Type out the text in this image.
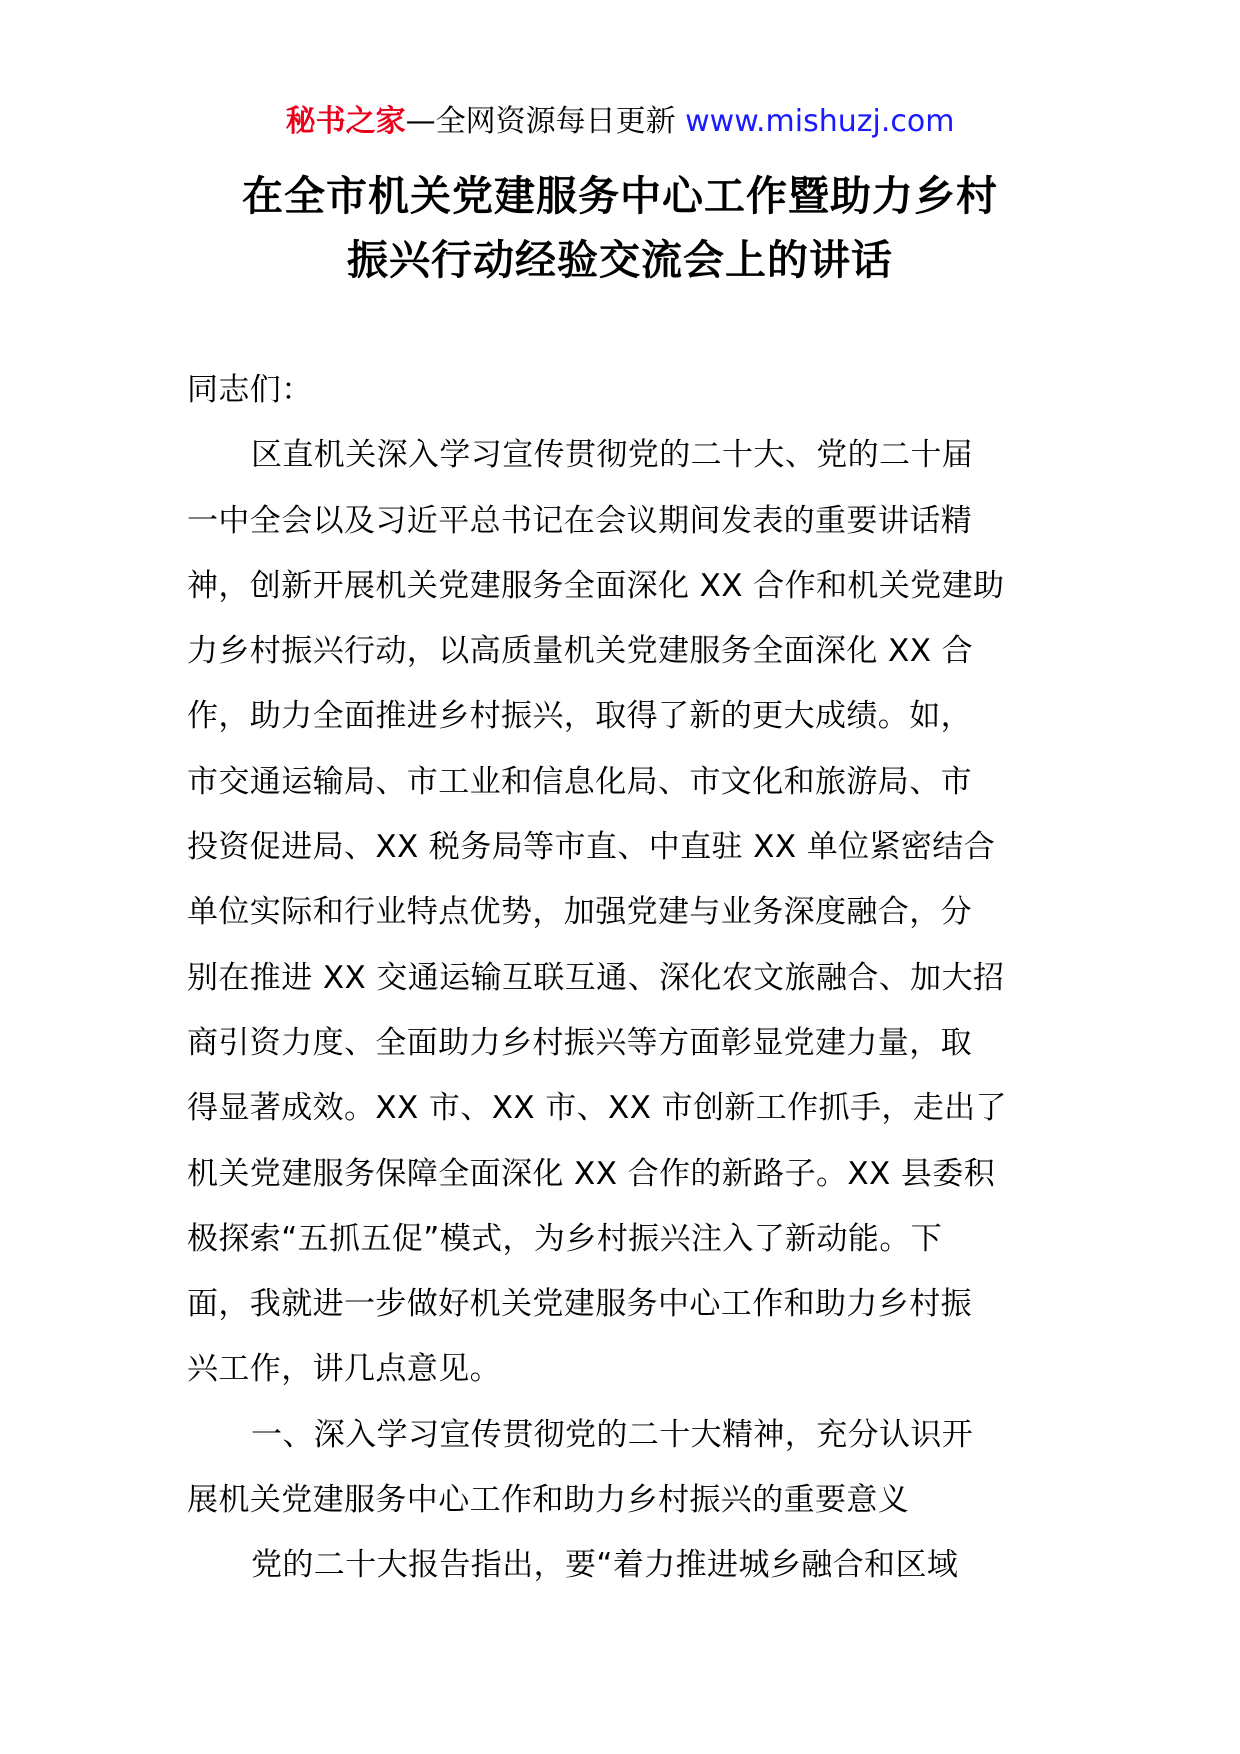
秘书之家—全网资源每日更新 www.mishuzj.com
在全市机关党建服务中心工作暨助力乡村
振兴行动经验交流会上的讲话
同志们：
区直机关深入学习宣传贯彻党的二十大、党的二十届
一中全会以及习近平总书记在会议期间发表的重要讲话精
神，创新开展机关党建服务全面深化 XX 合作和机关党建助
力乡村振兴行动，以高质量机关党建服务全面深化 XX 合
作，助力全面推进乡村振兴，取得了新的更大成绩。如，
市交通运输局、市工业和信息化局、市文化和旅游局、市
投资促进局、XX 税务局等市直、中直驻 XX 单位紧密结合
单位实际和行业特点优势，加强党建与业务深度融合，分
别在推进 XX 交通运输互联互通、深化农文旅融合、加大招
商引资力度、全面助力乡村振兴等方面彰显党建力量，取
得显著成效。XX 市、XX 市、XX 市创新工作抓手，走出了
机关党建服务保障全面深化 XX 合作的新路子。XX 县委积
极探索“五抓五促”模式，为乡村振兴注入了新动能。下
面，我就进一步做好机关党建服务中心工作和助力乡村振
兴工作，讲几点意见。
一、深入学习宣传贯彻党的二十大精神，充分认识开
展机关党建服务中心工作和助力乡村振兴的重要意义
党的二十大报告指出，要“着力推进城乡融合和区域
